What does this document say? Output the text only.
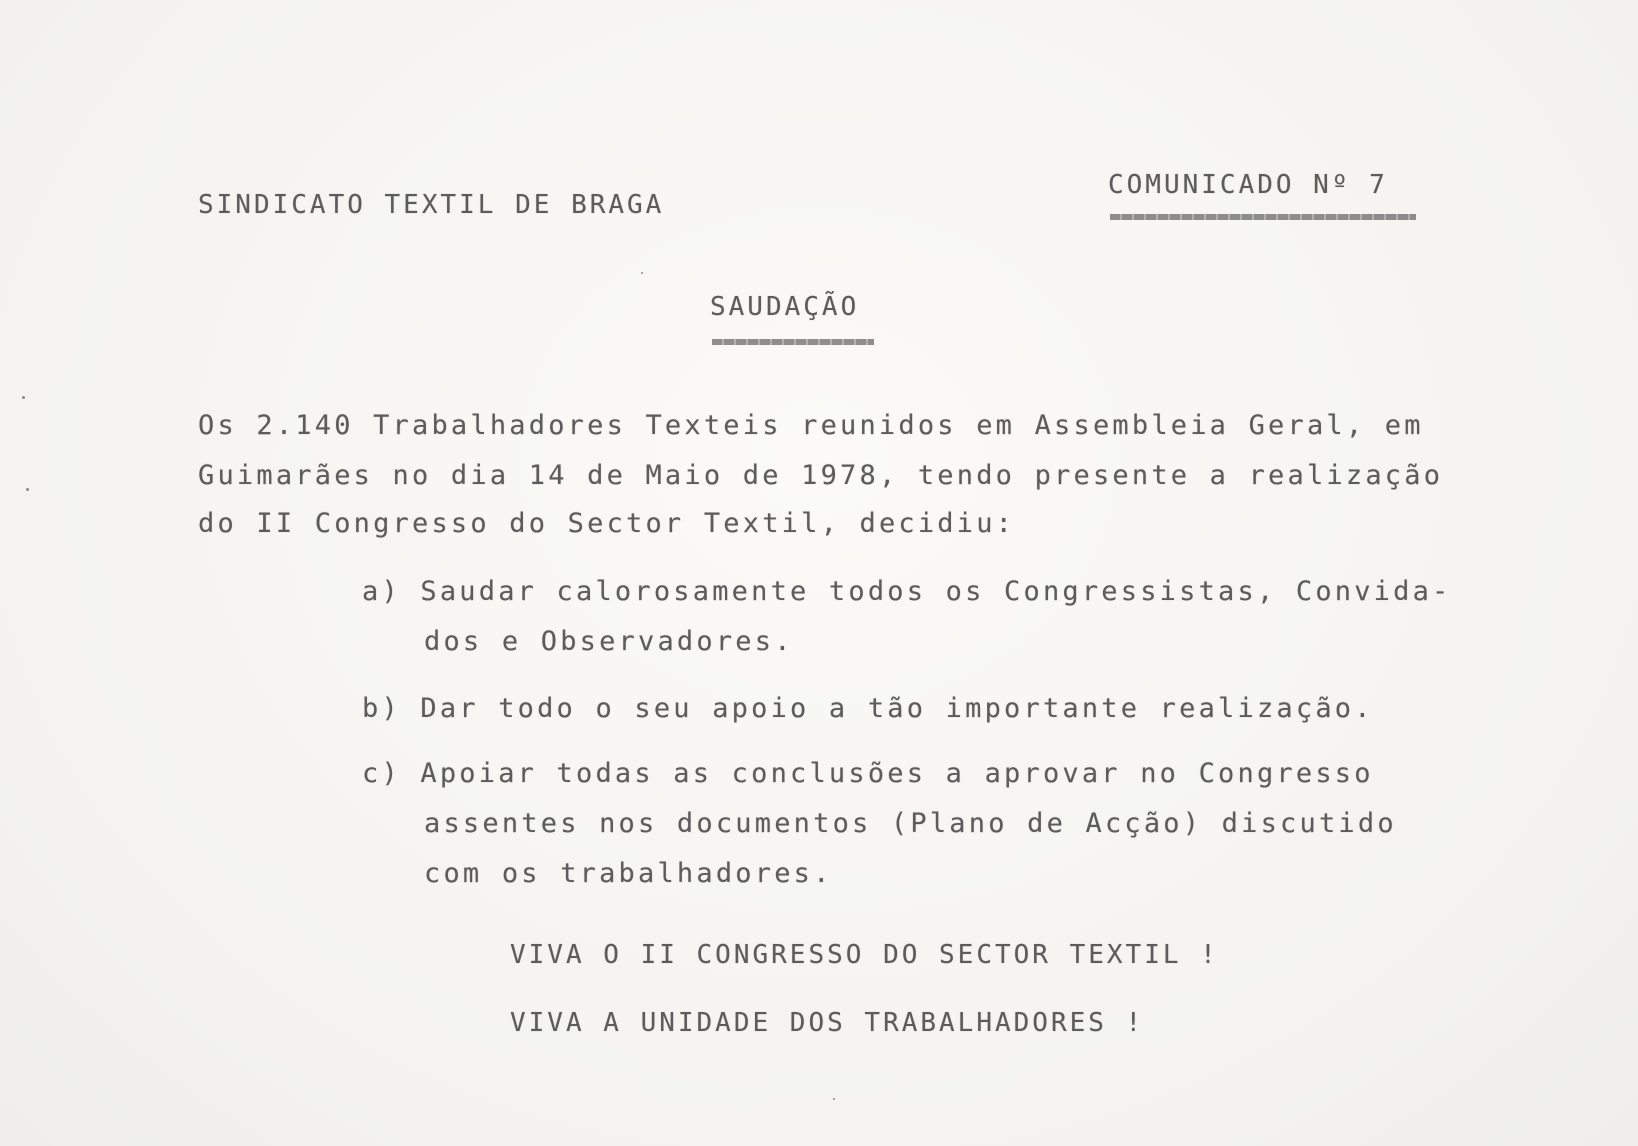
SINDICATO TEXTIL DE BRAGA
COMUNICADO Nº 7
SAUDAÇÃO
Os 2.140 Trabalhadores Texteis reunidos em Assembleia Geral, em
Guimarães no dia 14 de Maio de 1978, tendo presente a realização
do II Congresso do Sector Textil, decidiu:
a) Saudar calorosamente todos os Congressistas, Convida-
dos e Observadores.
b) Dar todo o seu apoio a tão importante realização.
c) Apoiar todas as conclusões a aprovar no Congresso
assentes nos documentos (Plano de Acção) discutido
com os trabalhadores.
VIVA O II CONGRESSO DO SECTOR TEXTIL !
VIVA A UNIDADE DOS TRABALHADORES !
